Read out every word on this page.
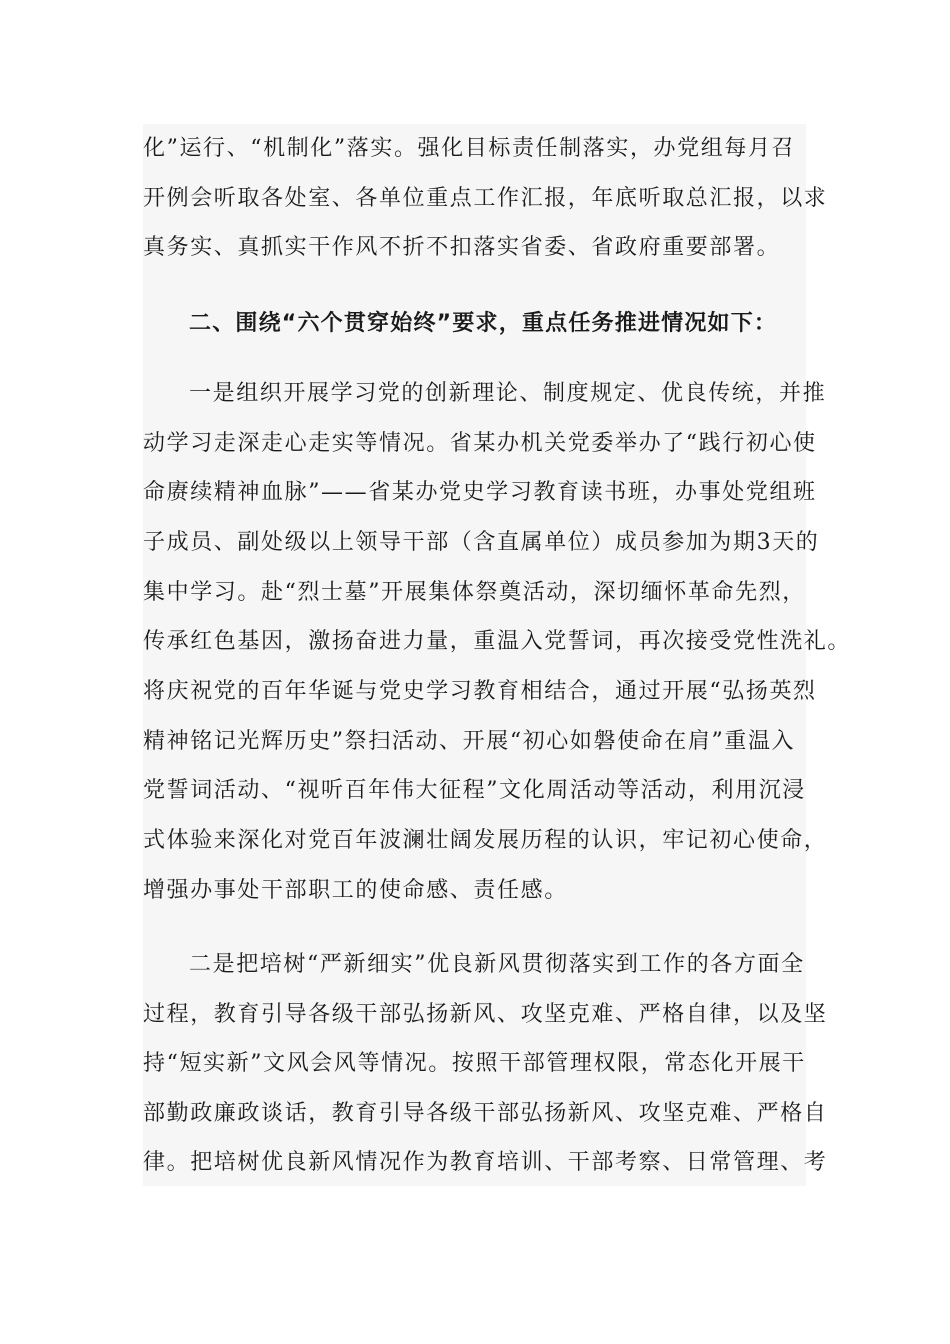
化”运行、“机制化”落实。强化目标责任制落实，办党组每月召
开例会听取各处室、各单位重点工作汇报，年底听取总汇报，以求
真务实、真抓实干作风不折不扣落实省委、省政府重要部署。
二、围绕“六个贯穿始终”要求，重点任务推进情况如下：
一是组织开展学习党的创新理论、制度规定、优良传统，并推
动学习走深走心走实等情况。省某办机关党委举办了“践行初心使
命赓续精神血脉”——省某办党史学习教育读书班，办事处党组班
子成员、副处级以上领导干部（含直属单位）成员参加为期3天的
集中学习。赴“烈士墓”开展集体祭奠活动，深切缅怀革命先烈，
传承红色基因，激扬奋进力量，重温入党誓词，再次接受党性洗礼。
将庆祝党的百年华诞与党史学习教育相结合，通过开展“弘扬英烈
精神铭记光辉历史”祭扫活动、开展“初心如磐使命在肩”重温入
党誓词活动、“视听百年伟大征程”文化周活动等活动，利用沉浸
式体验来深化对党百年波澜壮阔发展历程的认识，牢记初心使命，
增强办事处干部职工的使命感、责任感。
二是把培树“严新细实”优良新风贯彻落实到工作的各方面全
过程，教育引导各级干部弘扬新风、攻坚克难、严格自律，以及坚
持“短实新”文风会风等情况。按照干部管理权限，常态化开展干
部勤政廉政谈话，教育引导各级干部弘扬新风、攻坚克难、严格自
律。把培树优良新风情况作为教育培训、干部考察、日常管理、考
